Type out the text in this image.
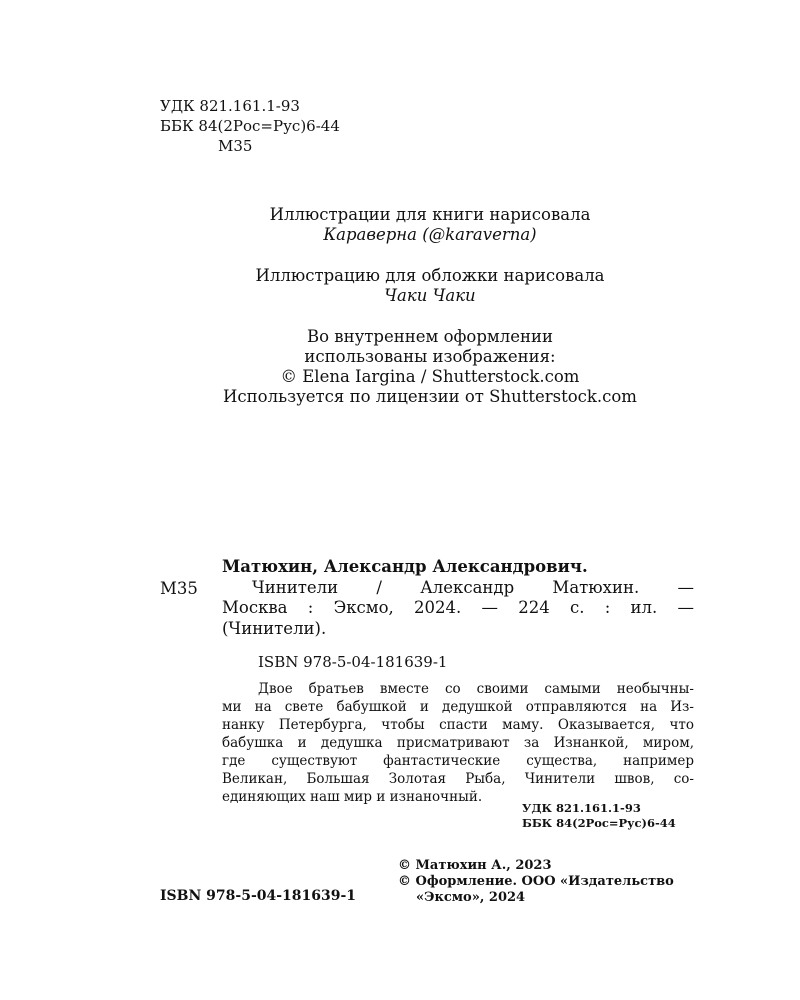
УДК 821.161.1-93
ББК 84(2Рос=Рус)6-44
М35
Иллюстрации для книги нарисовала
Караверна (@karaverna)
Иллюстрацию для обложки нарисовала
Чаки Чаки
Во внутреннем оформлении
использованы изображения:
© Elena Iargina / Shutterstock.com
Используется по лицензии от Shutterstock.com
М35
Матюхин, Александр Александрович.
Чинители / Александр Матюхин. —
Москва : Эксмо, 2024. — 224 с. : ил. —
(Чинители).
ISBN 978-5-04-181639-1
Двое братьев вместе со своими самыми необычны-
ми на свете бабушкой и дедушкой отправляются на Из-
нанку Петербурга, чтобы спасти маму. Оказывается, что
бабушка и дедушка присматривают за Изнанкой, миром,
где существуют фантастические существа, например
Великан, Большая Золотая Рыба, Чинители швов, со-
единяющих наш мир и изнаночный.
УДК 821.161.1-93
ББК 84(2Рос=Рус)6-44
© Матюхин А., 2023
© Оформление. ООО «Издательство
«Эксмо», 2024
ISBN 978-5-04-181639-1
